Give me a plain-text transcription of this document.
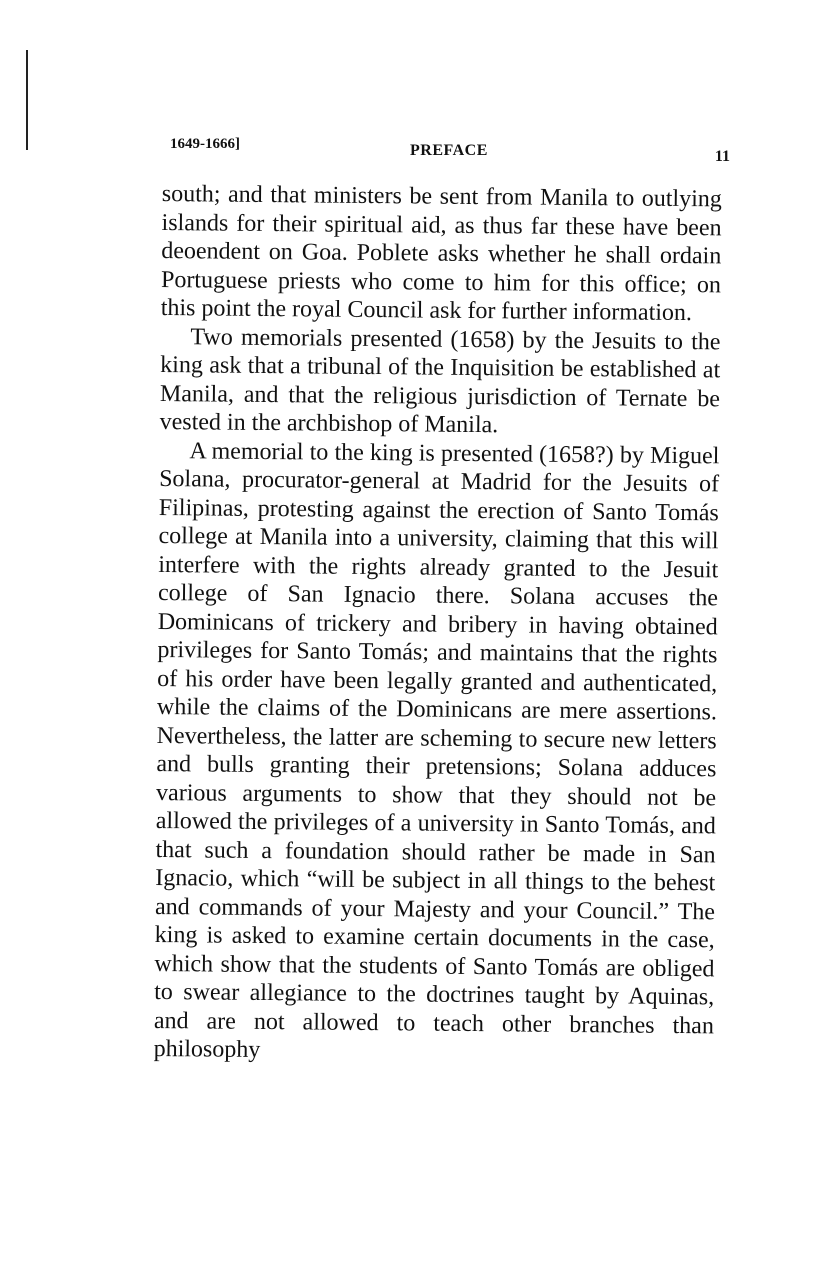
1649-1666]	PREFACE	11

south; and that ministers be sent from Manila to outlying islands for their spiritual aid, as thus far these have been deoendent on Goa. Poblete asks whether he shall ordain Portuguese priests who come to him for this office; on this point the royal Council ask for further information.

Two memorials presented (1658) by the Jesuits to the king ask that a tribunal of the Inquisition be established at Manila, and that the religious jurisdiction of Ternate be vested in the archbishop of Manila.

A memorial to the king is presented (1658?) by Miguel Solana, procurator-general at Madrid for the Jesuits of Filipinas, protesting against the erection of Santo Tomás college at Manila into a university, claiming that this will interfere with the rights already granted to the Jesuit college of San Ignacio there. Solana accuses the Dominicans of trickery and bribery in having obtained privileges for Santo Tomás; and maintains that the rights of his order have been legally granted and authenticated, while the claims of the Dominicans are mere assertions. Nevertheless, the latter are scheming to secure new letters and bulls granting their pretensions; Solana adduces various arguments to show that they should not be allowed the privileges of a university in Santo Tomás, and that such a foundation should rather be made in San Ignacio, which “will be subject in all things to the behest and commands of your Majesty and your Council.” The king is asked to examine certain documents in the case, which show that the students of Santo Tomás are obliged to swear allegiance to the doctrines taught by Aquinas, and are not allowed to teach other branches than philosophy
